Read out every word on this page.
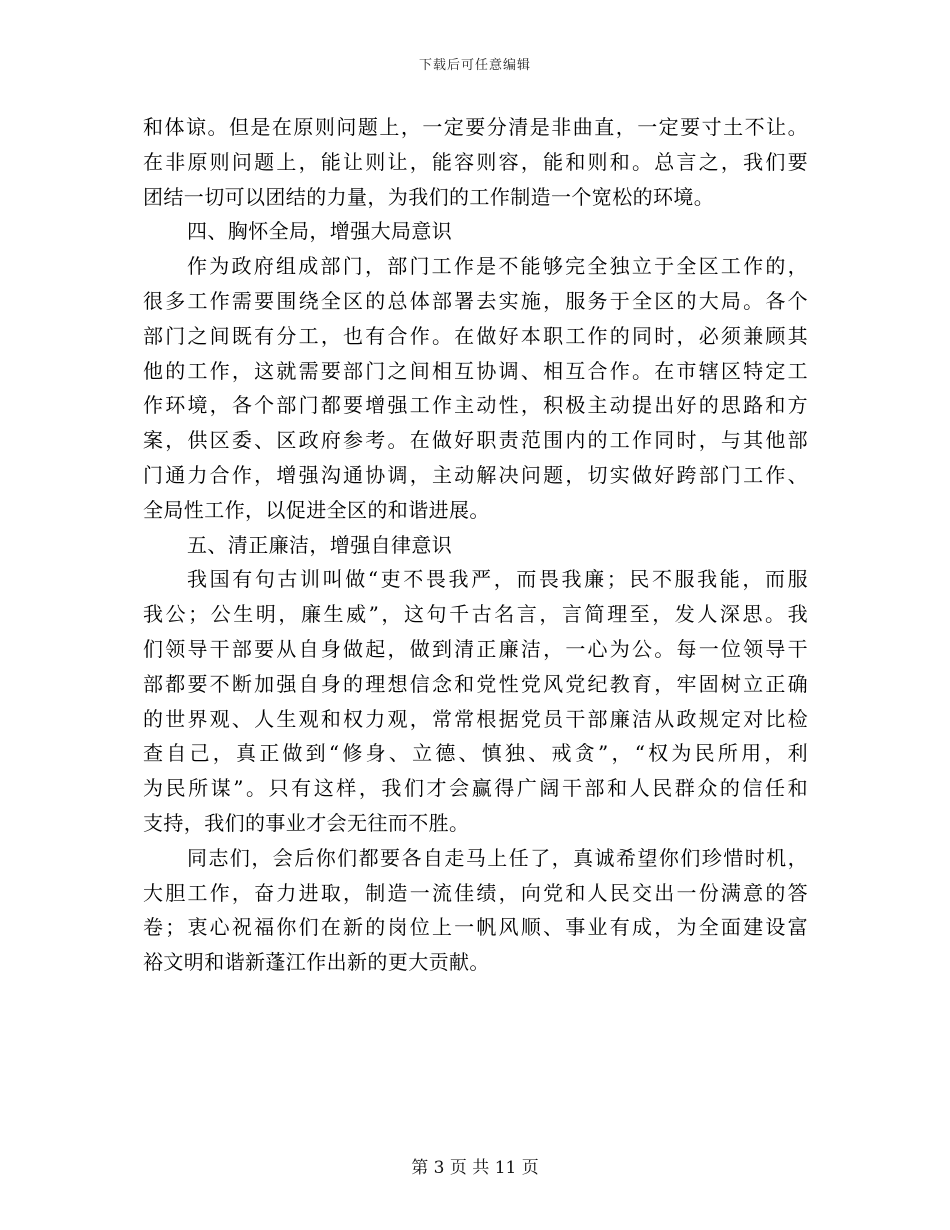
下载后可任意编辑
和体谅。但是在原则问题上，一定要分清是非曲直，一定要寸土不让。
在非原则问题上，能让则让，能容则容，能和则和。总言之，我们要
团结一切可以团结的力量，为我们的工作制造一个宽松的环境。
四、胸怀全局，增强大局意识
作为政府组成部门，部门工作是不能够完全独立于全区工作的，
很多工作需要围绕全区的总体部署去实施，服务于全区的大局。各个
部门之间既有分工，也有合作。在做好本职工作的同时，必须兼顾其
他的工作，这就需要部门之间相互协调、相互合作。在市辖区特定工
作环境，各个部门都要增强工作主动性，积极主动提出好的思路和方
案，供区委、区政府参考。在做好职责范围内的工作同时，与其他部
门通力合作，增强沟通协调，主动解决问题，切实做好跨部门工作、
全局性工作，以促进全区的和谐进展。
五、清正廉洁，增强自律意识
我国有句古训叫做“吏不畏我严，而畏我廉；民不服我能，而服
我公；公生明，廉生威”，这句千古名言，言简理至，发人深思。我
们领导干部要从自身做起，做到清正廉洁，一心为公。每一位领导干
部都要不断加强自身的理想信念和党性党风党纪教育，牢固树立正确
的世界观、人生观和权力观，常常根据党员干部廉洁从政规定对比检
查自己，真正做到“修身、立德、慎独、戒贪”，“权为民所用，利
为民所谋”。只有这样，我们才会赢得广阔干部和人民群众的信任和
支持，我们的事业才会无往而不胜。
同志们，会后你们都要各自走马上任了，真诚希望你们珍惜时机，
大胆工作，奋力进取，制造一流佳绩，向党和人民交出一份满意的答
卷；衷心祝福你们在新的岗位上一帆风顺、事业有成，为全面建设富
裕文明和谐新蓬江作出新的更大贡献。
第 3 页 共 11 页
